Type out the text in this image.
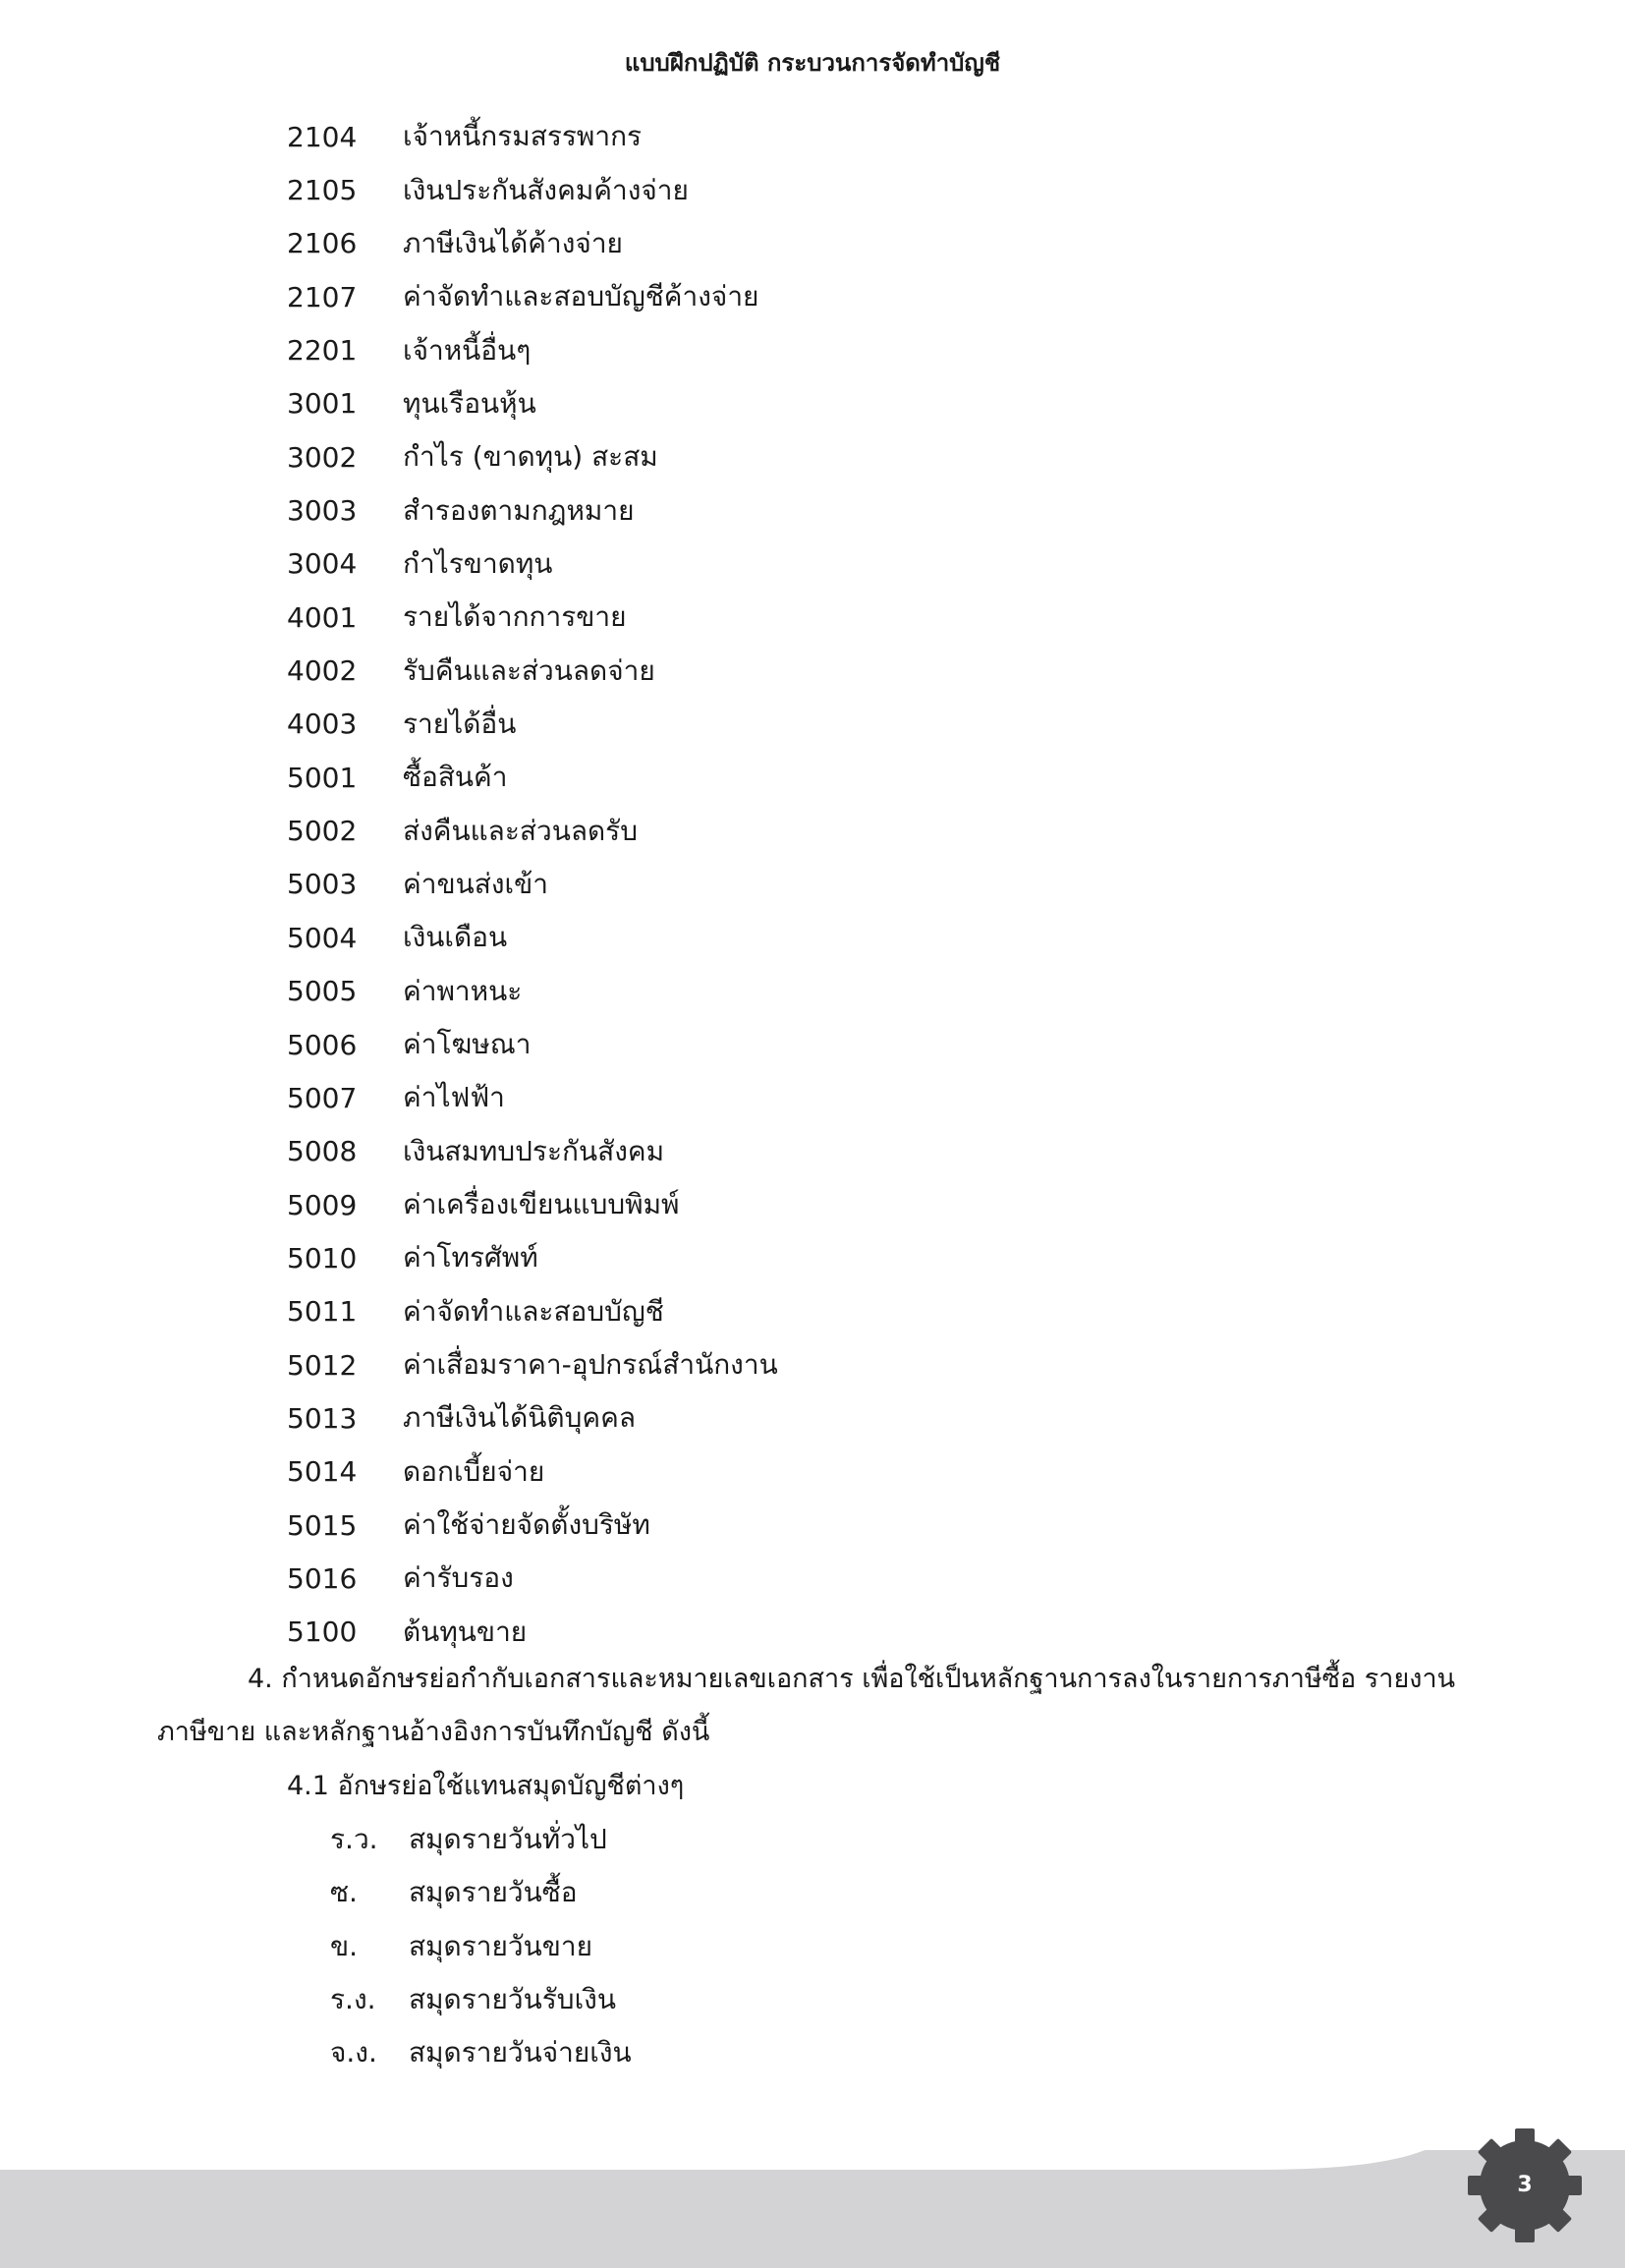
แบบฝึกปฏิบัติ กระบวนการจัดทำบัญชี
2104	เจ้าหนี้กรมสรรพากร
2105	เงินประกันสังคมค้างจ่าย
2106	ภาษีเงินได้ค้างจ่าย
2107	ค่าจัดทำและสอบบัญชีค้างจ่าย
2201	เจ้าหนี้อื่นๆ
3001	ทุนเรือนหุ้น
3002	กำไร (ขาดทุน) สะสม
3003	สำรองตามกฎหมาย
3004	กำไรขาดทุน
4001	รายได้จากการขาย
4002	รับคืนและส่วนลดจ่าย
4003	รายได้อื่น
5001	ซื้อสินค้า
5002	ส่งคืนและส่วนลดรับ
5003	ค่าขนส่งเข้า
5004	เงินเดือน
5005	ค่าพาหนะ
5006	ค่าโฆษณา
5007	ค่าไฟฟ้า
5008	เงินสมทบประกันสังคม
5009	ค่าเครื่องเขียนแบบพิมพ์
5010	ค่าโทรศัพท์
5011	ค่าจัดทำและสอบบัญชี
5012	ค่าเสื่อมราคา-อุปกรณ์สำนักงาน
5013	ภาษีเงินได้นิติบุคคล
5014	ดอกเบี้ยจ่าย
5015	ค่าใช้จ่ายจัดตั้งบริษัท
5016	ค่ารับรอง
5100	ต้นทุนขาย
4. กำหนดอักษรย่อกำกับเอกสารและหมายเลขเอกสาร เพื่อใช้เป็นหลักฐานการลงในรายการภาษีซื้อ รายงานภาษีขาย และหลักฐานอ้างอิงการบันทึกบัญชี ดังนี้
4.1 อักษรย่อใช้แทนสมุดบัญชีต่างๆ
ร.ว.	สมุดรายวันทั่วไป
ซ.	สมุดรายวันซื้อ
ข.	สมุดรายวันขาย
ร.ง.	สมุดรายวันรับเงิน
จ.ง.	สมุดรายวันจ่ายเงิน
3
